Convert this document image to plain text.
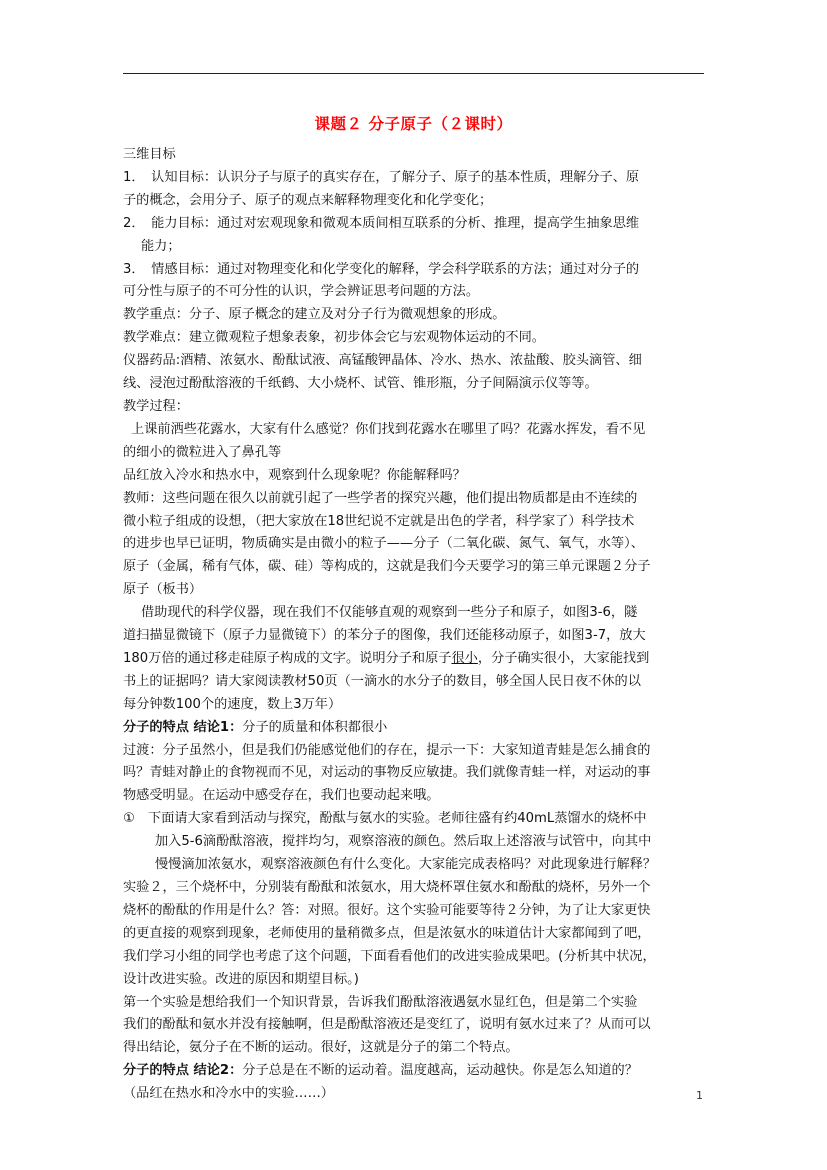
课题２ 分子原子（２课时）

三维目标

1．　认知目标：认识分子与原子的真实存在，了解分子、原子的基本性质，理解分子、原

子的概念，会用分子、原子的观点来解释物理变化和化学变化；

2．　能力目标：通过对宏观现象和微观本质间相互联系的分析、推理，提高学生抽象思维

能力；

3．　情感目标：通过对物理变化和化学变化的解释，学会科学联系的方法；通过对分子的

可分性与原子的不可分性的认识，学会辨证思考问题的方法。

教学重点：分子、原子概念的建立及对分子行为微观想象的形成。

教学难点：建立微观粒子想象表象，初步体会它与宏观物体运动的不同。

仪器药品:酒精、浓氨水、酚酞试液、高锰酸钾晶体、冷水、热水、浓盐酸、胶头滴管、细

线、浸泡过酚酞溶液的千纸鹤、大小烧杯、试管、锥形瓶，分子间隔演示仪等等。

教学过程：

上课前洒些花露水，大家有什么感觉？你们找到花露水在哪里了吗？花露水挥发，看不见

的细小的微粒进入了鼻孔等

品红放入冷水和热水中，观察到什么现象呢？你能解释吗？

教师：这些问题在很久以前就引起了一些学者的探究兴趣，他们提出物质都是由不连续的

微小粒子组成的设想，（把大家放在18世纪说不定就是出色的学者，科学家了）科学技术

的进步也早已证明，物质确实是由微小的粒子——分子（二氧化碳、氮气、氧气，水等）、

原子（金属，稀有气体，碳、硅）等构成的，这就是我们今天要学习的第三单元课题２分子

原子（板书）

借助现代的科学仪器，现在我们不仅能够直观的观察到一些分子和原子，如图3-6，隧

道扫描显微镜下（原子力显微镜下）的苯分子的图像，我们还能移动原子，如图3-7，放大

180万倍的通过移走硅原子构成的文字。说明分子和原子很小，分子确实很小，大家能找到

书上的证据吗？请大家阅读教材50页（一滴水的水分子的数目，够全国人民日夜不休的以

每分钟数100个的速度，数上3万年）

分子的特点 结论1：分子的质量和体积都很小

过渡：分子虽然小，但是我们仍能感觉他们的存在，提示一下：大家知道青蛙是怎么捕食的

吗？青蛙对静止的食物视而不见，对运动的事物反应敏捷。我们就像青蛙一样，对运动的事

物感受明显。在运动中感受存在，我们也要动起来哦。

①　下面请大家看到活动与探究，酚酞与氨水的实验。老师往盛有约40mL蒸馏水的烧杯中

加入5-6滴酚酞溶液，搅拌均匀，观察溶液的颜色。然后取上述溶液与试管中，向其中

慢慢滴加浓氨水，观察溶液颜色有什么变化。大家能完成表格吗？对此现象进行解释？

实验２，三个烧杯中，分别装有酚酞和浓氨水，用大烧杯罩住氨水和酚酞的烧杯，另外一个

烧杯的酚酞的作用是什么？答：对照。很好。这个实验可能要等待２分钟，为了让大家更快

的更直接的观察到现象，老师使用的量稍微多点，但是浓氨水的味道估计大家都闻到了吧，

我们学习小组的同学也考虑了这个问题，下面看看他们的改进实验成果吧。(分析其中状况，

设计改进实验。改进的原因和期望目标。)

第一个实验是想给我们一个知识背景，告诉我们酚酞溶液遇氨水显红色，但是第二个实验

我们的酚酞和氨水并没有接触啊，但是酚酞溶液还是变红了，说明有氨水过来了？从而可以

得出结论，氨分子在不断的运动。很好，这就是分子的第二个特点。

分子的特点 结论2：分子总是在不断的运动着。温度越高，运动越快。你是怎么知道的？

（品红在热水和冷水中的实验……）	1
